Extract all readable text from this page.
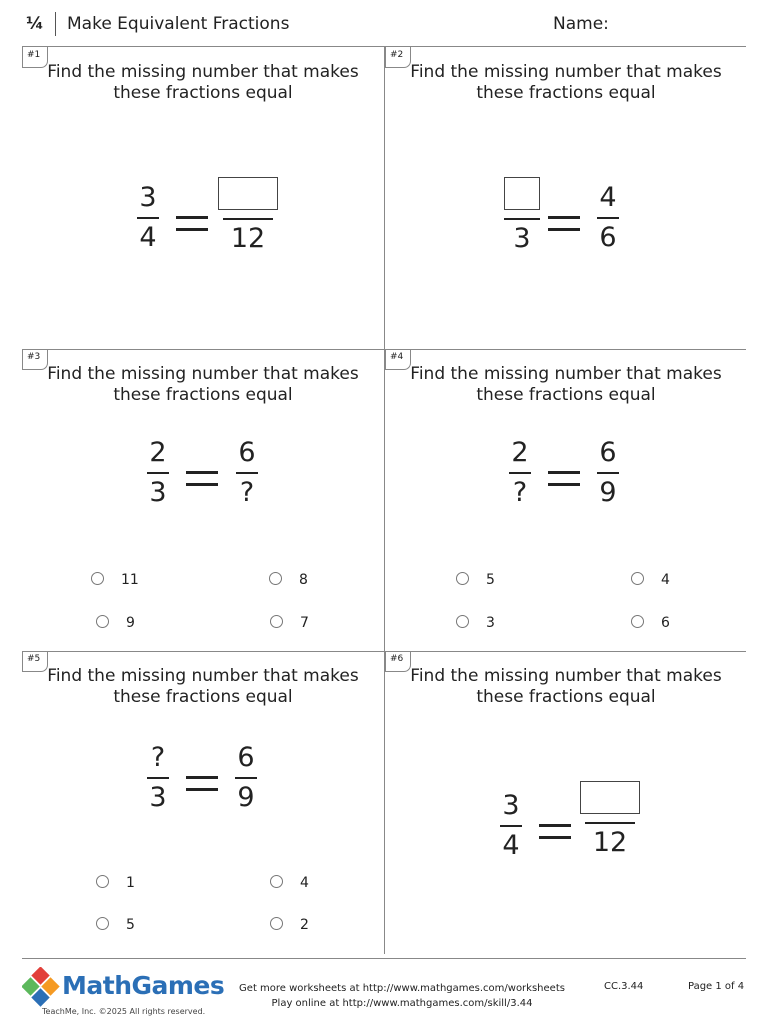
¼ Make Equivalent Fractions	Name:
#1
Find the missing number that makes these fractions equal
3
4	12
#2
Find the missing number that makes these fractions equal
3
4
6
#3
Find the missing number that makes these fractions equal
2
3
6
?
11	8
9	7
#4
Find the missing number that makes these fractions equal
2
?
6
9
5	4
3	6
#5
Find the missing number that makes these fractions equal
?
3
6
9
1	4
5	2
#6
Find the missing number that makes these fractions equal
3
4	12
MathGames
TeachMe, Inc. ©2025 All rights reserved.
Get more worksheets at http://www.mathgames.com/worksheets
Play online at http://www.mathgames.com/skill/3.44
CC.3.44	Page 1 of 4
